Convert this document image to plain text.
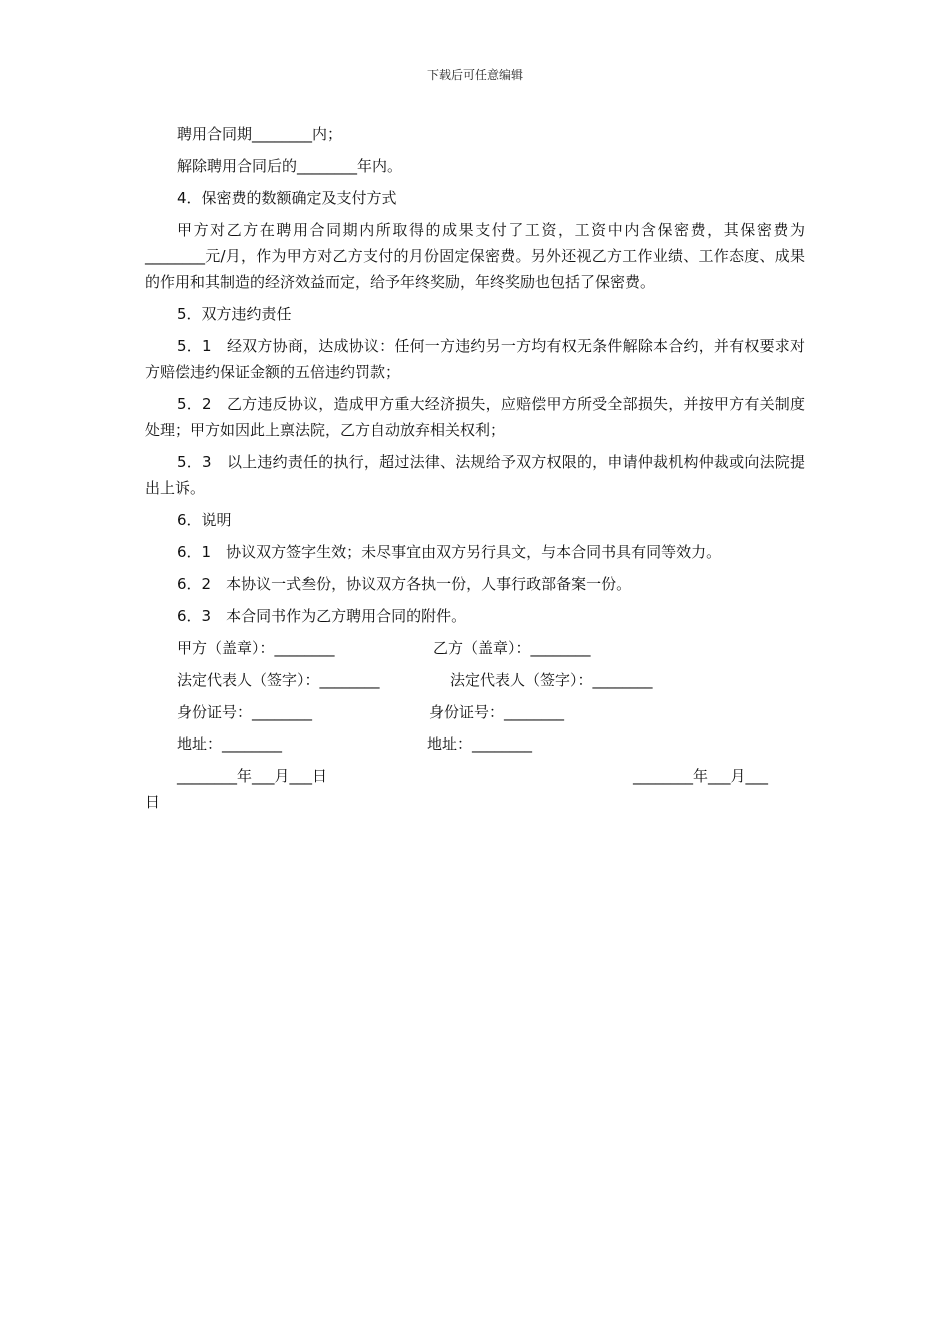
下载后可任意编辑

聘用合同期________内；

解除聘用合同后的________年内。

4．保密费的数额确定及支付方式

甲方对乙方在聘用合同期内所取得的成果支付了工资，工资中内含保密费，其保密费为________元/月，作为甲方对乙方支付的月份固定保密费。另外还视乙方工作业绩、工作态度、成果的作用和其制造的经济效益而定，给予年终奖励，年终奖励也包括了保密费。

5．双方违约责任

5．1　经双方协商，达成协议：任何一方违约另一方均有权无条件解除本合约，并有权要求对方赔偿违约保证金额的五倍违约罚款；

5．2　乙方违反协议，造成甲方重大经济损失，应赔偿甲方所受全部损失，并按甲方有关制度处理；甲方如因此上禀法院，乙方自动放弃相关权利；

5．3　以上违约责任的执行，超过法律、法规给予双方权限的，申请仲裁机构仲裁或向法院提出上诉。

6．说明

6．1　协议双方签字生效；未尽事宜由双方另行具文，与本合同书具有同等效力。

6．2　本协议一式叁份，协议双方各执一份，人事行政部备案一份。

6．3　本合同书作为乙方聘用合同的附件。

甲方（盖章）：________	乙方（盖章）：________
法定代表人（签字）：________	法定代表人（签字）：________
身份证号：________	身份证号：________
地址：________	地址：________
________年___月___日	________年___月___
日
